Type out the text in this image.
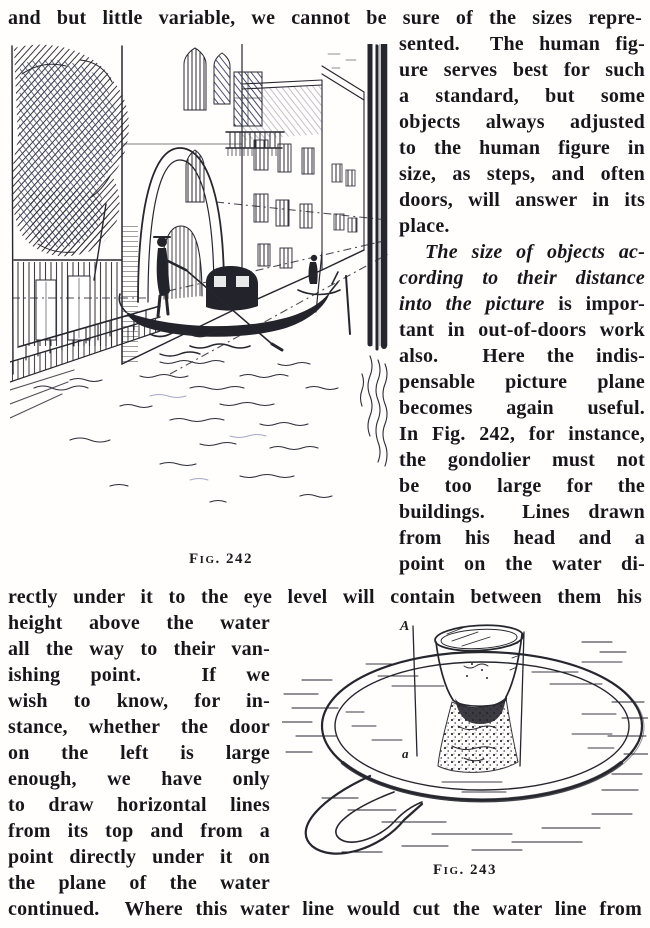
and but little variable, we cannot be sure of the sizes repre-
Fig. 242
sented.  The human fig-
ure serves best for such
a standard, but some
objects always adjusted
to the human figure in
size, as steps, and often
doors, will answer in its
place.
The size of objects ac-
cording to their distance
into the picture is impor-
tant in out-of-doors work
also.  Here the indis-
pensable picture plane
becomes again useful.
In Fig. 242, for instance,
the gondolier must not
be too large for the
buildings.  Lines drawn
from his head and a
point on the water di-
rectly under it to the eye level will contain between them his
height above the water
all the way to their van-
ishing point.  If we
wish to know, for in-
stance, whether the door
on the left is large
enough, we have only
to draw horizontal lines
from its top and from a
point directly under it on
the plane of the water
A
a
Fig. 243
continued.  Where this water line would cut the water line from
